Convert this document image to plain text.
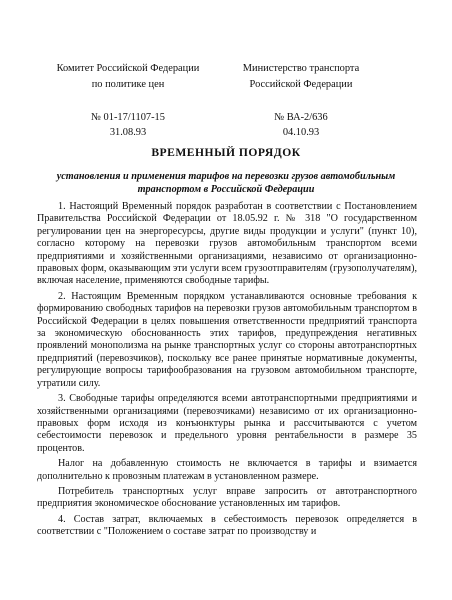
Комитет Российской Федерации
по политике цен
№ 01-17/1107-15
31.08.93
Министерство транспорта
Российской Федерации
№ ВА-2/636
04.10.93
ВРЕМЕННЫЙ ПОРЯДОК
установления и применения тарифов на перевозки грузов автомобильным транспортом в Российской Федерации

1. Настоящий Временный порядок разработан в соответствии с Постановлением Правительства Российской Федерации от 18.05.92 г. № 318 "О государственном регулировании цен на энергоресурсы, другие виды продукции и услуги" (пункт 10), согласно которому на перевозки грузов автомобильным транспортом всеми предприятиями и хозяйственными организациями, независимо от организационно-правовых форм, оказывающим эти услуги всем грузоотправителям (грузополучателям), включая население, применяются свободные тарифы.

2. Настоящим Временным порядком устанавливаются основные требования к формированию свободных тарифов на перевозки грузов автомобильным транспортом в Российской Федерации в целях повышения ответственности предприятий транспорта за экономическую обоснованность этих тарифов, предупреждения негативных проявлений монополизма на рынке транспортных услуг со стороны автотранспортных предприятий (перевозчиков), поскольку все ранее принятые нормативные документы, регулирующие вопросы тарифообразования на грузовом автомобильном транспорте, утратили силу.

3. Свободные тарифы определяются всеми автотранспортными предприятиями и хозяйственными организациями (перевозчиками) независимо от их организационно-правовых форм исходя из конъюнктуры рынка и рассчитываются с учетом себестоимости перевозок и предельного уровня рентабельности в размере 35 процентов.

Налог на добавленную стоимость не включается в тарифы и взимается дополнительно к провозным платежам в установленном размере.

Потребитель транспортных услуг вправе запросить от автотранспортного предприятия экономическое обоснование установленных им тарифов.

4. Состав затрат, включаемых в себестоимость перевозок определяется в соответствии с "Положением о составе затрат по производству и
